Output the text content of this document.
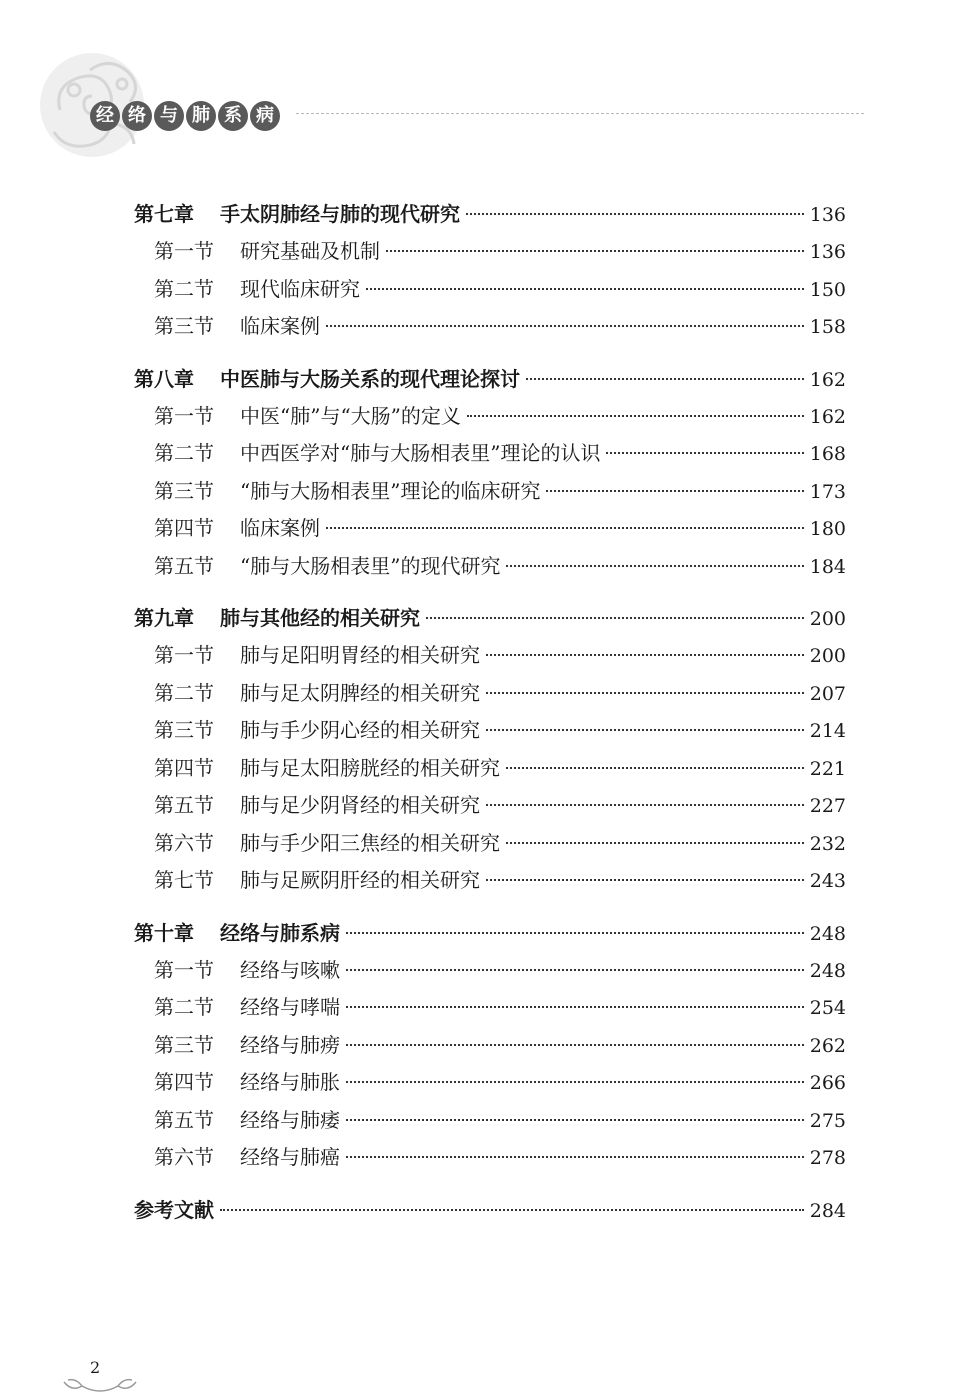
经 络 与 肺 系 病
第七章	手太阴肺经与肺的现代研究	136
第一节	研究基础及机制	136
第二节	现代临床研究	150
第三节	临床案例	158
第八章	中医肺与大肠关系的现代理论探讨	162
第一节	中医“肺”与“大肠”的定义	162
第二节	中西医学对“肺与大肠相表里”理论的认识	168
第三节	“肺与大肠相表里”理论的临床研究	173
第四节	临床案例	180
第五节	“肺与大肠相表里”的现代研究	184
第九章	肺与其他经的相关研究	200
第一节	肺与足阳明胃经的相关研究	200
第二节	肺与足太阴脾经的相关研究	207
第三节	肺与手少阴心经的相关研究	214
第四节	肺与足太阳膀胱经的相关研究	221
第五节	肺与足少阴肾经的相关研究	227
第六节	肺与手少阳三焦经的相关研究	232
第七节	肺与足厥阴肝经的相关研究	243
第十章	经络与肺系病	248
第一节	经络与咳嗽	248
第二节	经络与哮喘	254
第三节	经络与肺痨	262
第四节	经络与肺胀	266
第五节	经络与肺痿	275
第六节	经络与肺癌	278
参考文献	284
2
